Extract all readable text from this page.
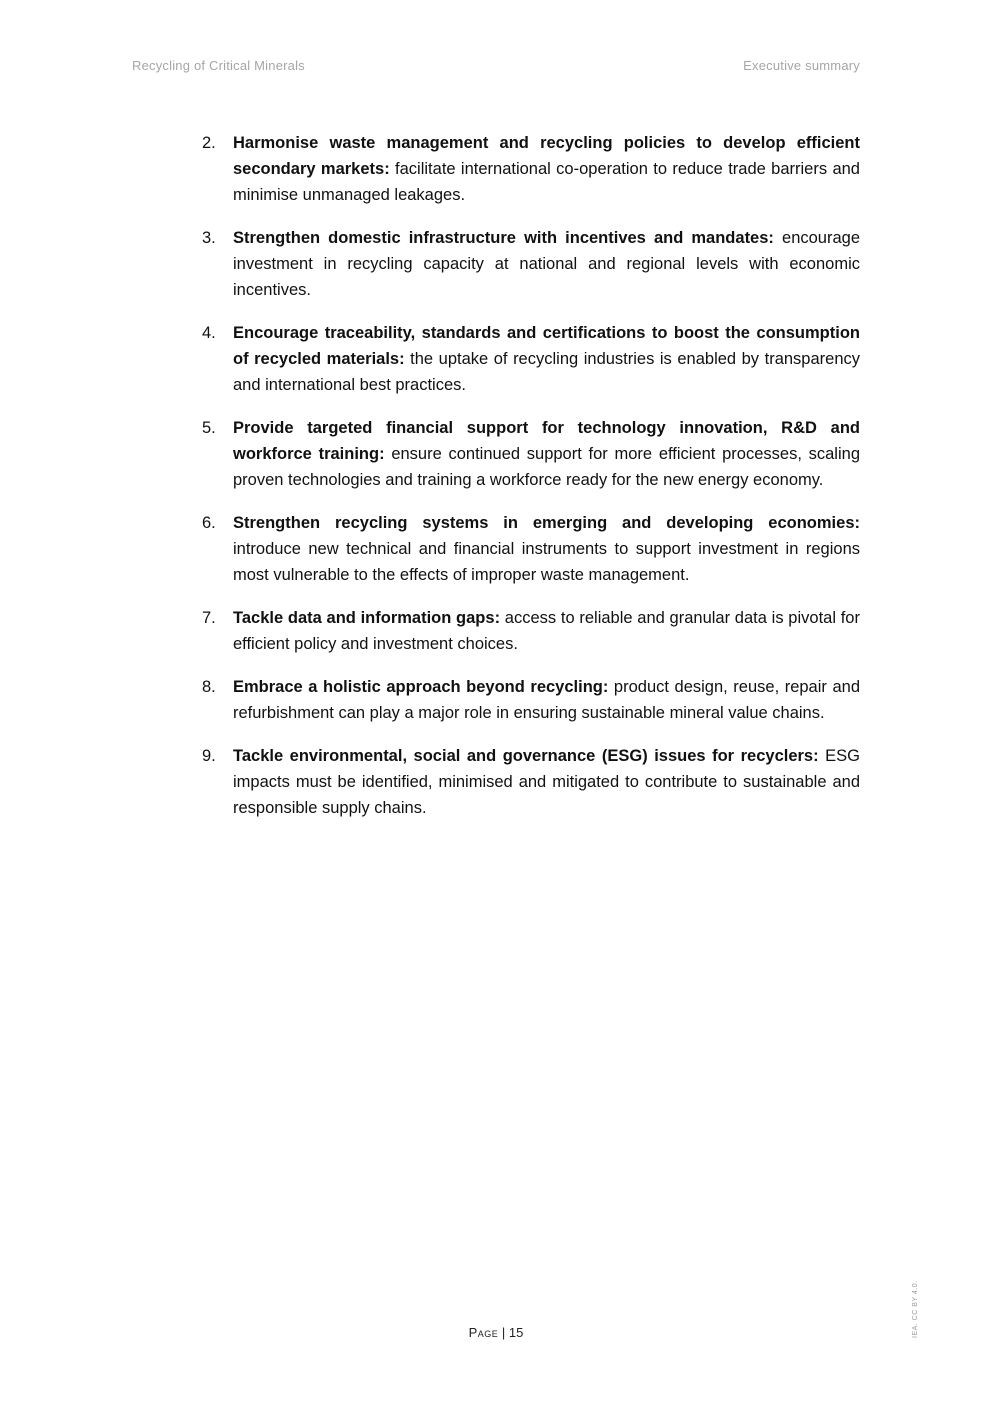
Recycling of Critical Minerals	Executive summary
2. Harmonise waste management and recycling policies to develop efficient secondary markets: facilitate international co-operation to reduce trade barriers and minimise unmanaged leakages.
3. Strengthen domestic infrastructure with incentives and mandates: encourage investment in recycling capacity at national and regional levels with economic incentives.
4. Encourage traceability, standards and certifications to boost the consumption of recycled materials: the uptake of recycling industries is enabled by transparency and international best practices.
5. Provide targeted financial support for technology innovation, R&D and workforce training: ensure continued support for more efficient processes, scaling proven technologies and training a workforce ready for the new energy economy.
6. Strengthen recycling systems in emerging and developing economies: introduce new technical and financial instruments to support investment in regions most vulnerable to the effects of improper waste management.
7. Tackle data and information gaps: access to reliable and granular data is pivotal for efficient policy and investment choices.
8. Embrace a holistic approach beyond recycling: product design, reuse, repair and refurbishment can play a major role in ensuring sustainable mineral value chains.
9. Tackle environmental, social and governance (ESG) issues for recyclers: ESG impacts must be identified, minimised and mitigated to contribute to sustainable and responsible supply chains.
Page | 15	IEA. CC BY 4.0.
